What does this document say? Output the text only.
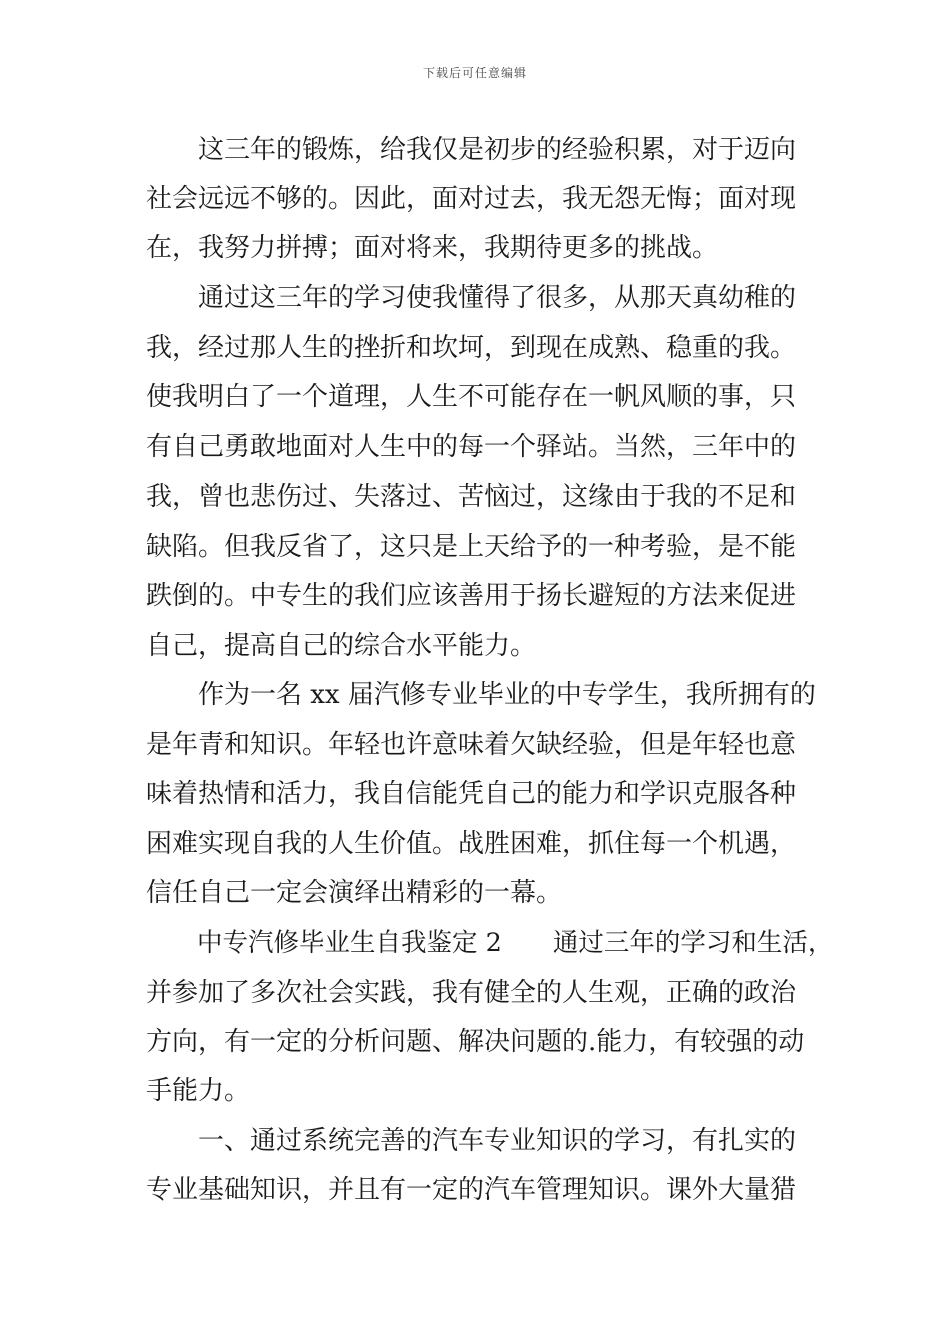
下载后可任意编辑
　　这三年的锻炼，给我仅是初步的经验积累，对于迈向
社会远远不够的。因此，面对过去，我无怨无悔；面对现
在，我努力拼搏；面对将来，我期待更多的挑战。
　　通过这三年的学习使我懂得了很多，从那天真幼稚的
我，经过那人生的挫折和坎坷，到现在成熟、稳重的我。
使我明白了一个道理，人生不可能存在一帆风顺的事，只
有自己勇敢地面对人生中的每一个驿站。当然，三年中的
我，曾也悲伤过、失落过、苦恼过，这缘由于我的不足和
缺陷。但我反省了，这只是上天给予的一种考验，是不能
跌倒的。中专生的我们应该善用于扬长避短的方法来促进
自己，提高自己的综合水平能力。
　　作为一名 xx 届汽修专业毕业的中专学生，我所拥有的
是年青和知识。年轻也许意味着欠缺经验，但是年轻也意
味着热情和活力，我自信能凭自己的能力和学识克服各种
困难实现自我的人生价值。战胜困难，抓住每一个机遇，
信任自己一定会演绎出精彩的一幕。
　　中专汽修毕业生自我鉴定 2　　通过三年的学习和生活，
并参加了多次社会实践，我有健全的人生观，正确的政治
方向，有一定的分析问题、解决问题的.能力，有较强的动
手能力。
　　一、通过系统完善的汽车专业知识的学习，有扎实的
专业基础知识，并且有一定的汽车管理知识。课外大量猎
